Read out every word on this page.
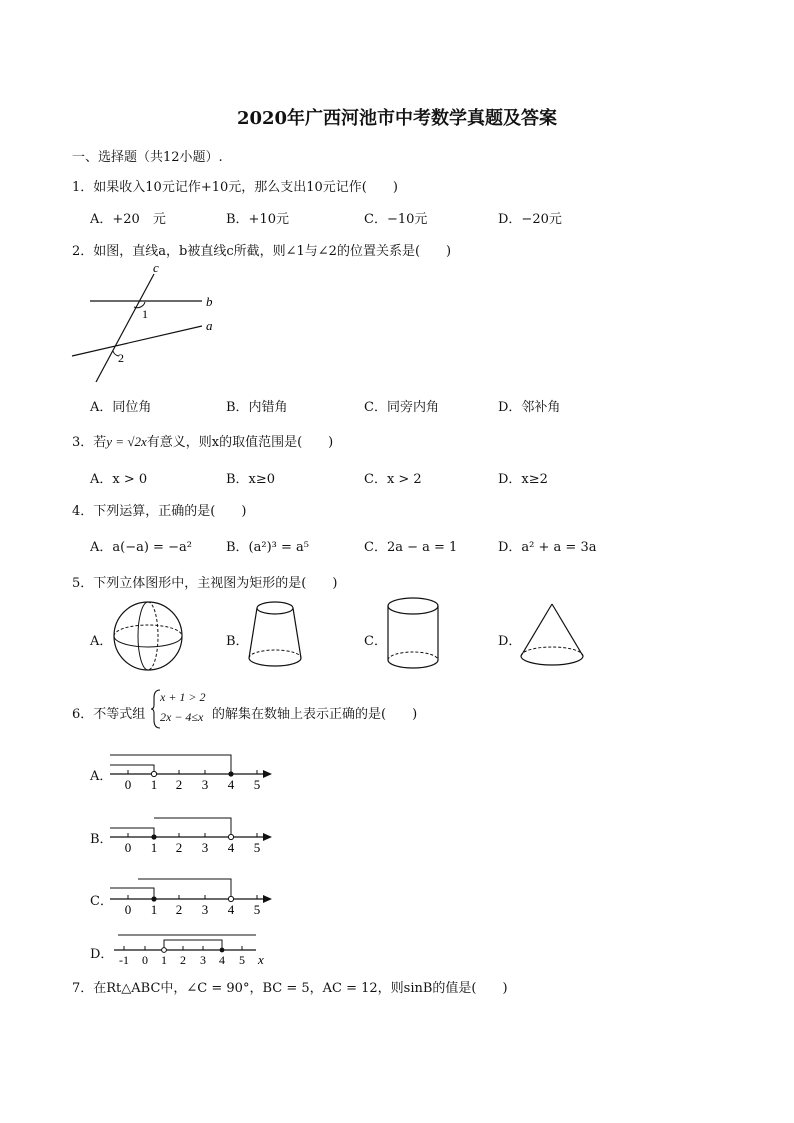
2020年广西河池市中考数学真题及答案
一、选择题（共12小题）.
1．如果收入10元记作+10元，那么支出10元记作(　　)
A．+20　元	B．+10元	C．−10元	D．−20元
2．如图，直线a，b被直线c所截，则∠1与∠2的位置关系是(　　)
c
b
a
1
2
A．同位角	B．内错角	C．同旁内角	D．邻补角
3．若y = √2x有意义，则x的取值范围是(　　)
A．x > 0	B．x≥0	C．x > 2	D．x≥2
4．下列运算，正确的是(　　)
A．a(−a) = −a²	B．(a²)³ = a⁵	C．2a − a = 1	D．a² + a = 3a
5．下列立体图形中，主视图为矩形的是(　　)
A．	B．	C．	D．
6．不等式组
x + 1 > 2
2x − 4≤x 的解集在数轴上表示正确的是(　　)
A．
0 1 2 3 4 5
B．
0 1 2 3 4 5
C．
0 1 2 3 4 5
D． -1 0 1 2 3 4 5 x
7．在Rt△ABC中，∠C = 90°，BC = 5，AC = 12，则sinB的值是(　　)
